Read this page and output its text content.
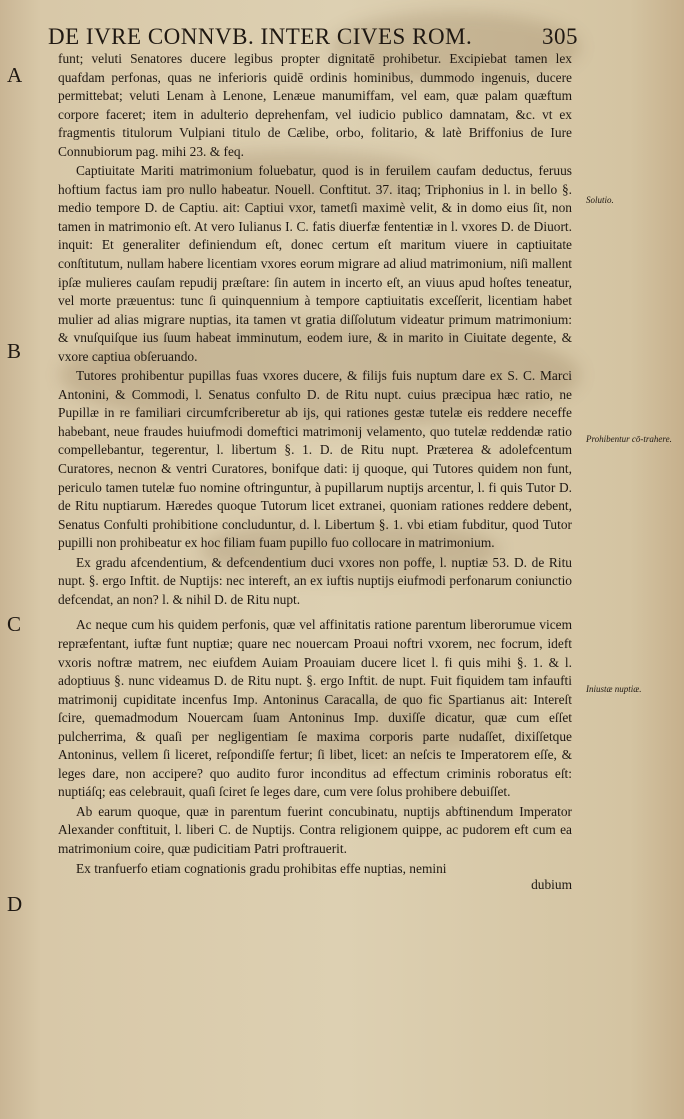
DE IVRE CONNVB. INTER CIVES ROM.	305
A
B
C
D
Solutio.
Prohibentur cō-trahere.
Iniustæ nuptiæ.

funt; veluti Senatores ducere legibus propter dignitatē prohibetur. Excipiebat tamen lex quafdam perfonas, quas ne inferioris quidē ordinis hominibus, dummodo ingenuis, ducere permittebat; veluti Lenam à Lenone, Lenæue manumiffam, vel eam, quæ palam quæftum corpore faceret; item in adulterio deprehenfam, vel iudicio publico damnatam, &c. vt ex fragmentis titulorum Vulpiani titulo de Cælibe, orbo, folitario, & latè Briffonius de Iure Connubiorum pag. mihi 23. & feq.

Captiuitate Mariti matrimonium foluebatur, quod is in feruilem caufam deductus, feruus hoftium factus iam pro nullo habeatur. Nouell. Conftitut. 37. itaq; Triphonius in l. in bello §. medio tempore D. de Captiu. ait: Captiui vxor, tametſi maximè velit, & in domo eius ſit, non tamen in matrimonio eſt. At vero Iulianus I. C. fatis diuerfæ fententiæ in l. vxores D. de Diuort. inquit: Et generaliter definiendum eſt, donec certum eſt maritum viuere in captiuitate conſtitutum, nullam habere licentiam vxores eorum migrare ad aliud matrimonium, niſi mallent ipſæ mulieres cauſam repudij præſtare: ſin autem in incerto eſt, an viuus apud hoſtes teneatur, vel morte præuentus: tunc ſi quinquennium à tempore captiuitatis exceſſerit, licentiam habet mulier ad alias migrare nuptias, ita tamen vt gratia diſſolutum videatur primum matrimonium: & vnuſquiſque ius ſuum habeat imminutum, eodem iure, & in marito in Ciuitate degente, & vxore captiua obſeruando.

Tutores prohibentur pupillas fuas vxores ducere, & filijs fuis nuptum dare ex S. C. Marci Antonini, & Commodi, l. Senatus confulto D. de Ritu nupt. cuius præcipua hæc ratio, ne Pupillæ in re familiari circumfcriberetur ab ijs, qui rationes gestæ tutelæ eis reddere neceffe habebant, neue fraudes huiufmodi domeftici matrimonij velamento, quo tutelæ reddendæ ratio compellebantur, tegerentur, l. libertum §. 1. D. de Ritu nupt. Præterea & adolefcentum Curatores, necnon & ventri Curatores, bonifque dati: ij quoque, qui Tutores quidem non funt, periculo tamen tutelæ fuo nomine oftringuntur, à pupillarum nuptijs arcentur, l. fi quis Tutor D. de Ritu nuptiarum. Hæredes quoque Tutorum licet extranei, quoniam rationes reddere debent, Senatus Confulti prohibitione concluduntur, d. l. Libertum §. 1. vbi etiam fubditur, quod Tutor pupilli non prohibeatur ex hoc filiam fuam pupillo fuo collocare in matrimonium.

Ex gradu afcendentium, & defcendentium duci vxores non poffe, l. nuptiæ 53. D. de Ritu nupt. §. ergo Inftit. de Nuptijs: nec intereft, an ex iuftis nuptijs eiufmodi perfonarum coniunctio defcendat, an non? l. & nihil D. de Ritu nupt.

Ac neque cum his quidem perfonis, quæ vel affinitatis ratione parentum liberorumue vicem repræfentant, iuftæ funt nuptiæ; quare nec nouercam Proaui noftri vxorem, nec focrum, ideft vxoris noftræ matrem, nec eiufdem Auiam Proauiam ducere licet l. fi quis mihi §. 1. & l. adoptiuus §. nunc videamus D. de Ritu nupt. §. ergo Inftit. de nupt. Fuit fiquidem tam infaufti matrimonij cupiditate incenfus Imp. Antoninus Caracalla, de quo fic Spartianus ait: Intereſt ſcire, quemadmodum Nouercam ſuam Antoninus Imp. duxiſſe dicatur, quæ cum eſſet pulcherrima, & quaſi per negligentiam ſe maxima corporis parte nudaſſet, dixiſſetque Antoninus, vellem ſi liceret, reſpondiſſe fertur; ſi libet, licet: an neſcis te Imperatorem eſſe, & leges dare, non accipere? quo audito furor inconditus ad effectum criminis roboratus eſt: nuptiáſq; eas celebrauit, quaſi ſciret ſe leges dare, cum vere ſolus prohibere debuiſſet.

Ab earum quoque, quæ in parentum fuerint concubinatu, nuptijs abftinendum Imperator Alexander conftituit, l. liberi C. de Nuptijs. Contra religionem quippe, ac pudorem eft cum ea matrimonium coire, quæ pudicitiam Patri proftrauerit.

Ex tranfuerfo etiam cognationis gradu prohibitas effe nuptias, nemini

dubium
